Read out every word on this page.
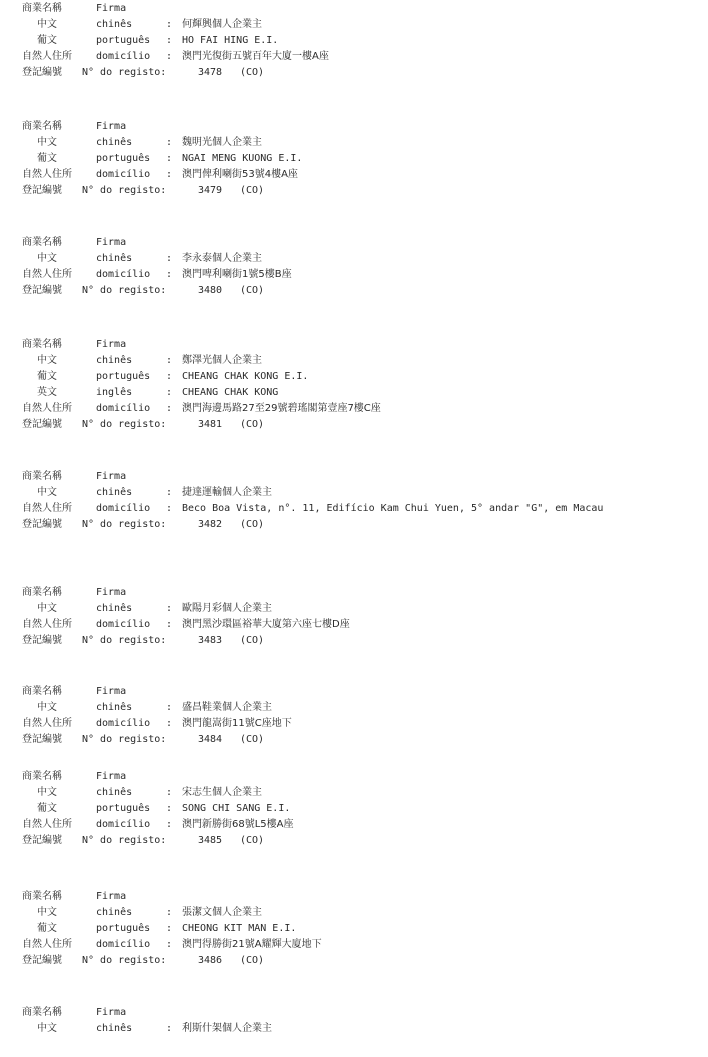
商業名稱	Firma
中文	chinês	: 何輝興個人企業主
葡文	português : HO FAI HING E.I.
自然人住所 domicílio : 澳門光復街五號百年大廈一樓A座
登記編號 N° do registo:	3478 (CO)
商業名稱	Firma
中文	chinês	: 魏明光個人企業主
葡文	português : NGAI MENG KUONG E.I.
自然人住所 domicílio : 澳門俾利喇街53號4樓A座
登記編號 N° do registo:	3479 (CO)
商業名稱	Firma
中文	chinês	: 李永泰個人企業主
自然人住所 domicílio : 澳門啤利喇街1號5樓B座
登記編號 N° do registo:	3480 (CO)
商業名稱	Firma
中文	chinês	: 鄭澤光個人企業主
葡文	português : CHEANG CHAK KONG E.I.
英文	inglês	: CHEANG CHAK KONG
自然人住所 domicílio : 澳門海邊馬路27至29號碧瑤閣第壹座7樓C座
登記編號 N° do registo:	3481 (CO)
商業名稱	Firma
中文	chinês	: 捷達運輸個人企業主
自然人住所 domicílio : Beco Boa Vista, n°. 11, Edifício Kam Chui Yuen, 5° andar "G", em Macau
登記編號 N° do registo:	3482 (CO)
商業名稱	Firma
中文	chinês	: 歐陽月彩個人企業主
自然人住所 domicílio : 澳門黑沙環區裕華大廈第六座七樓D座
登記編號 N° do registo:	3483 (CO)
商業名稱	Firma
中文	chinês	: 盛昌鞋業個人企業主
自然人住所 domicílio : 澳門龍嵩街11號C座地下
登記編號 N° do registo:	3484 (CO)
商業名稱	Firma
中文	chinês	: 宋志生個人企業主
葡文	português : SONG CHI SANG E.I.
自然人住所 domicílio : 澳門新勝街68號L5樓A座
登記編號 N° do registo:	3485 (CO)
商業名稱	Firma
中文	chinês	: 張潔文個人企業主
葡文	português : CHEONG KIT MAN E.I.
自然人住所 domicílio : 澳門得勝街21號A耀輝大廈地下
登記編號 N° do registo:	3486 (CO)
商業名稱	Firma
中文	chinês	: 利斯什架個人企業主
